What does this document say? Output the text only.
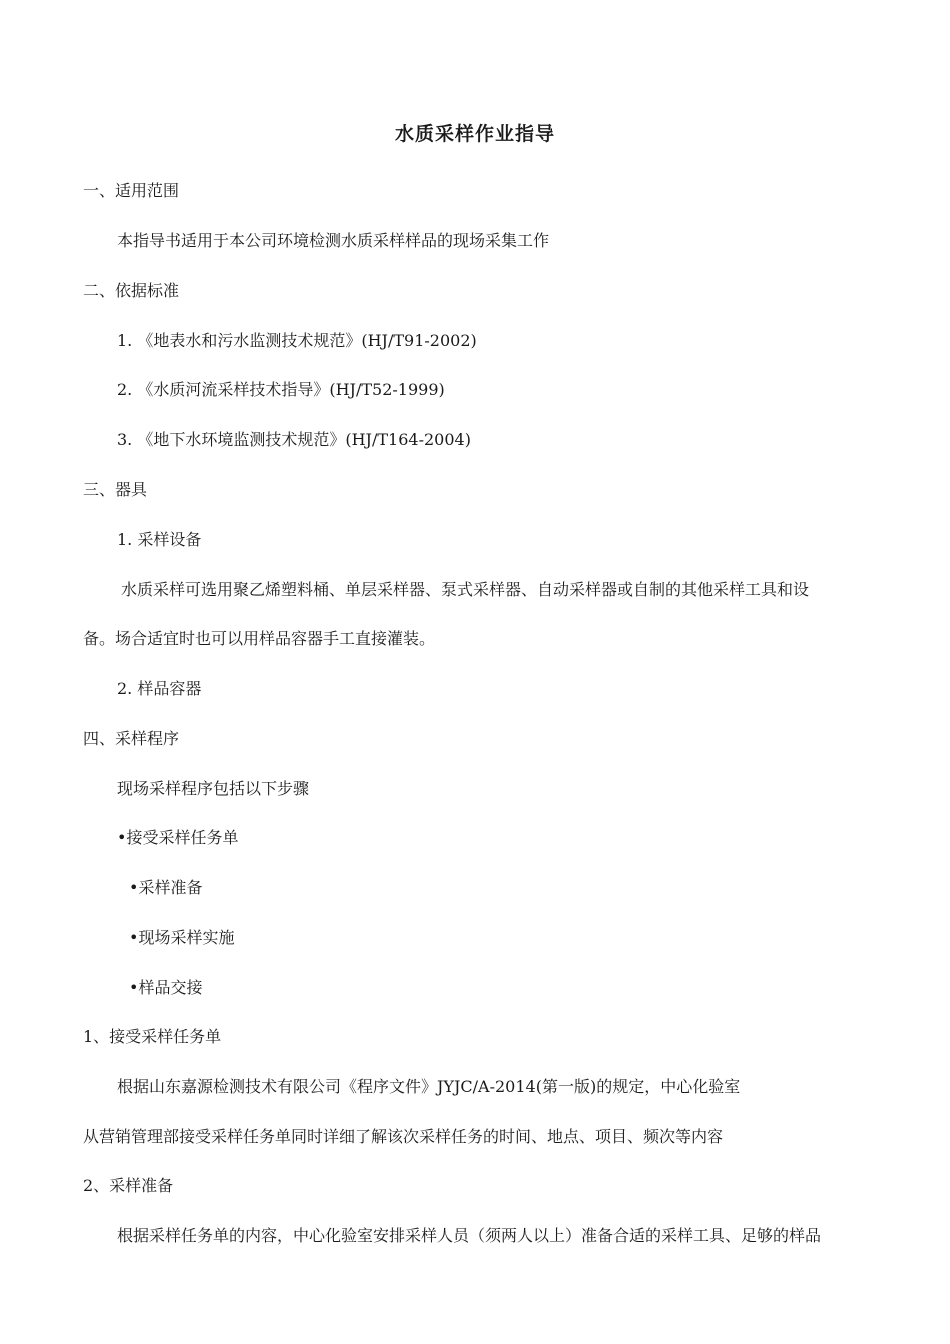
水质采样作业指导
一、适用范围
本指导书适用于本公司环境检测水质采样样品的现场采集工作
二、依据标准
1. 《地表水和污水监测技术规范》(HJ/T91-2002)
2. 《水质河流采样技术指导》(HJ/T52-1999)
3. 《地下水环境监测技术规范》(HJ/T164-2004)
三、器具
1. 采样设备
水质采样可选用聚乙烯塑料桶、单层采样器、泵式采样器、自动采样器或自制的其他采样工具和设
备。场合适宜时也可以用样品容器手工直接灌装。
2. 样品容器
四、采样程序
现场采样程序包括以下步骤
•接受采样任务单
•采样准备
•现场采样实施
•样品交接
1、接受采样任务单
根据山东嘉源检测技术有限公司《程序文件》JYJC/A-2014(第一版)的规定，中心化验室
从营销管理部接受采样任务单同时详细了解该次采样任务的时间、地点、项目、频次等内容
2、采样准备
根据采样任务单的内容，中心化验室安排采样人员（须两人以上）准备合适的采样工具、足够的样品
